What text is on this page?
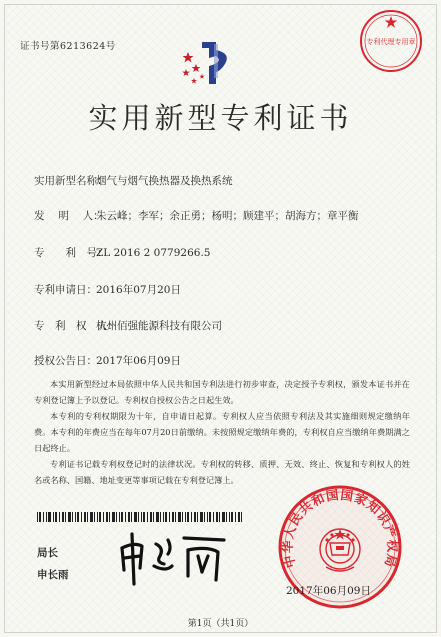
证书号第6213624号	专利代理专用章
实用新型专利证书
实用新型名称：烟气与烟气换热器及换热系统
发　 明　 人：朱云峰；李军；余正勇；杨明；顾建平；胡海方；章平衡
专　　利　号：ZL 2016 2 0779266.5
专利申请日：2016年07月20日
专　利　权　人：杭州佰强能源科技有限公司
授权公告日：2017年06月09日
本实用新型经过本局依照中华人民共和国专利法进行初步审查，决定授予专利权，颁发本证书并在专利登记簿上予以登记。专利权自授权公告之日起生效。
本专利的专利权期限为十年，自申请日起算。专利权人应当依照专利法及其实施细则规定缴纳年费。本专利的年费应当在每年07月20日前缴纳。未按照规定缴纳年费的，专利权自应当缴纳年费期满之日起终止。
专利证书记载专利权登记时的法律状况。专利权的转移、质押、无效、终止、恢复和专利权人的姓名或名称、国籍、地址变更等事项记载在专利登记簿上。
局长
申长雨
中华人民共和国国家知识产权局
2017年06月09日
第1页（共1页）
